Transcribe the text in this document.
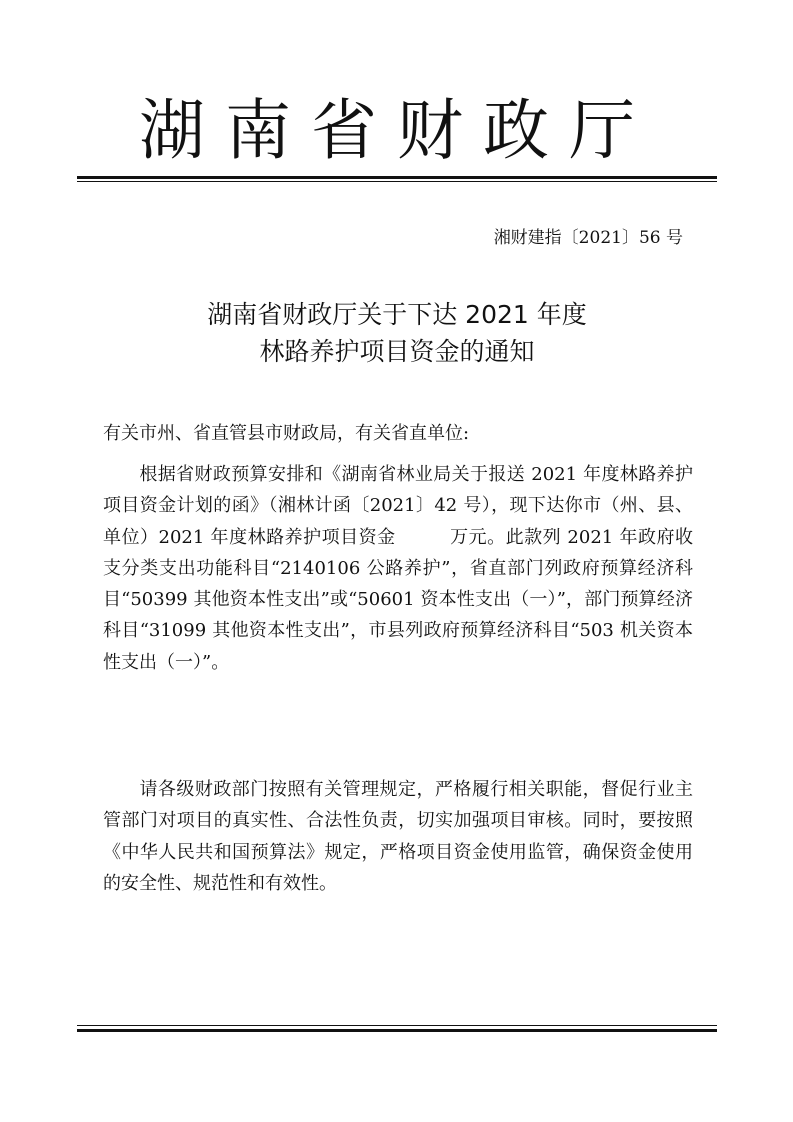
湖南省财政厅
湘财建指〔2021〕56 号
湖南省财政厅关于下达 2021 年度
林路养护项目资金的通知
有关市州、省直管县市财政局，有关省直单位:
  根据省财政预算安排和《湖南省林业局关于报送 2021 年度林路养护项目资金计划的函》（湘林计函〔2021〕42 号），现下达你市（州、县、单位）2021 年度林路养护项目资金	万元。此款列 2021 年政府收支分类支出功能科目“2140106 公路养护”，省直部门列政府预算经济科目“50399 其他资本性支出”或“50601 资本性支出（一）”，部门预算经济科目“31099 其他资本性支出”，市县列政府预算经济科目“503 机关资本性支出（一）”。
  请各级财政部门按照有关管理规定，严格履行相关职能，督促行业主管部门对项目的真实性、合法性负责，切实加强项目审核。同时，要按照《中华人民共和国预算法》规定，严格项目资金使用监管，确保资金使用的安全性、规范性和有效性。
